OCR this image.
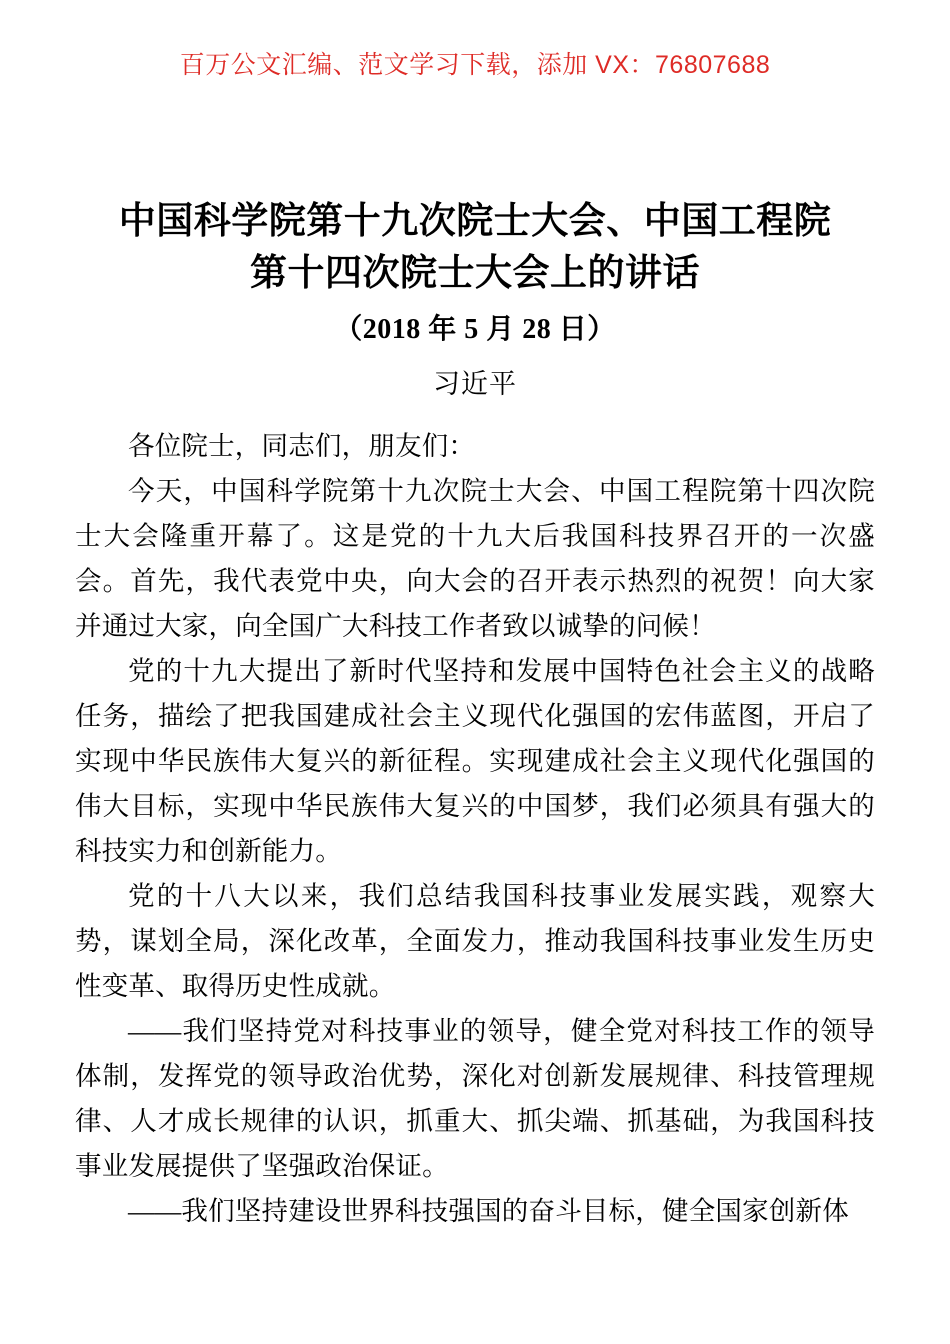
百万公文汇编、范文学习下载，添加 VX：76807688
中国科学院第十九次院士大会、中国工程院
第十四次院士大会上的讲话
（2018 年 5 月 28 日）
习近平

各位院士，同志们，朋友们：

今天，中国科学院第十九次院士大会、中国工程院第十四次院士大会隆重开幕了。这是党的十九大后我国科技界召开的一次盛会。首先，我代表党中央，向大会的召开表示热烈的祝贺！向大家并通过大家，向全国广大科技工作者致以诚挚的问候！

党的十九大提出了新时代坚持和发展中国特色社会主义的战略任务，描绘了把我国建成社会主义现代化强国的宏伟蓝图，开启了实现中华民族伟大复兴的新征程。实现建成社会主义现代化强国的伟大目标，实现中华民族伟大复兴的中国梦，我们必须具有强大的科技实力和创新能力。

党的十八大以来，我们总结我国科技事业发展实践，观察大势，谋划全局，深化改革，全面发力，推动我国科技事业发生历史性变革、取得历史性成就。

——我们坚持党对科技事业的领导，健全党对科技工作的领导体制，发挥党的领导政治优势，深化对创新发展规律、科技管理规律、人才成长规律的认识，抓重大、抓尖端、抓基础，为我国科技事业发展提供了坚强政治保证。

——我们坚持建设世界科技强国的奋斗目标，健全国家创新体
